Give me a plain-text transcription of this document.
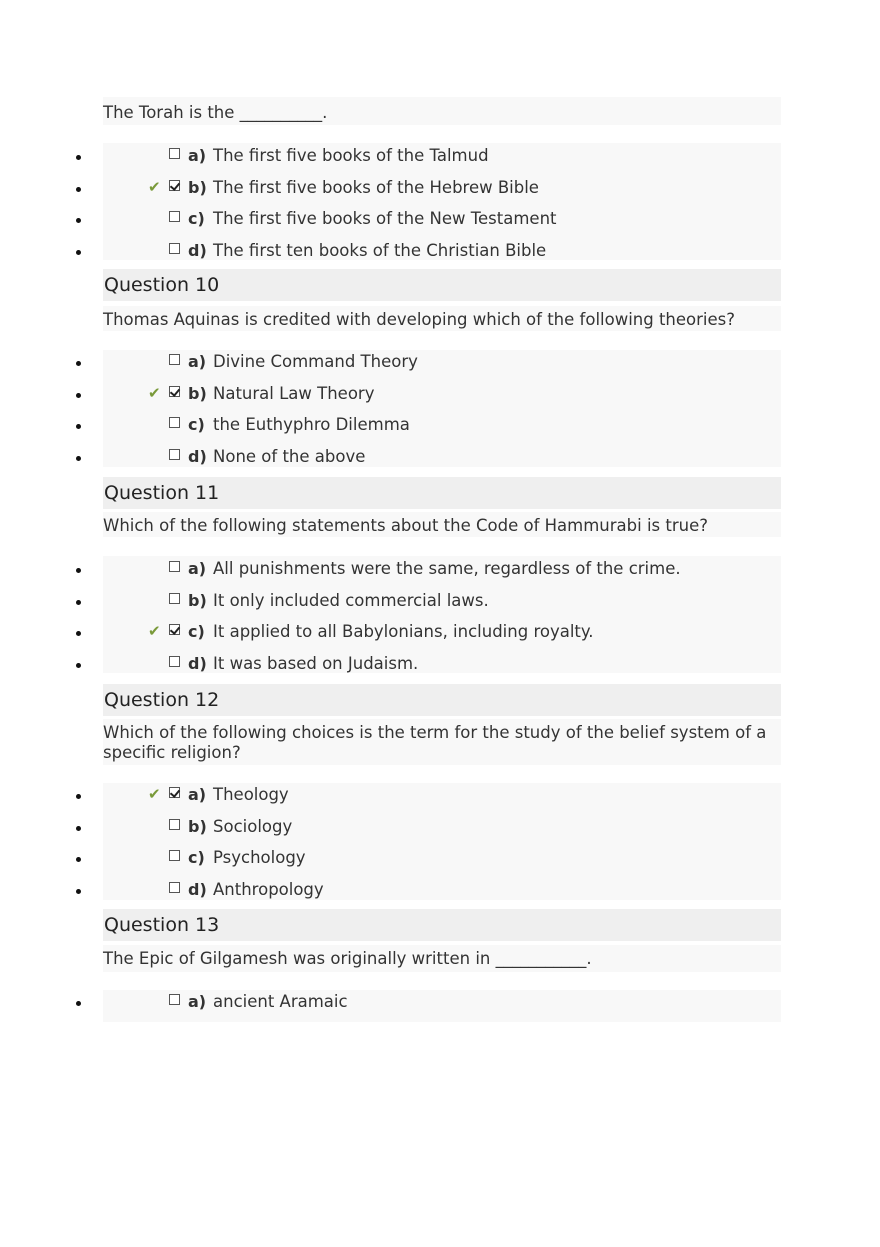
The Torah is the __________.
a) The first five books of the Talmud
✔ b) The first five books of the Hebrew Bible
c) The first five books of the New Testament
d) The first ten books of the Christian Bible
Question 10
Thomas Aquinas is credited with developing which of the following theories?
a) Divine Command Theory
✔ b) Natural Law Theory
c) the Euthyphro Dilemma
d) None of the above
Question 11
Which of the following statements about the Code of Hammurabi is true?
a) All punishments were the same, regardless of the crime.
b) It only included commercial laws.
✔ c) It applied to all Babylonians, including royalty.
d) It was based on Judaism.
Question 12
Which of the following choices is the term for the study of the belief system of a specific religion?
✔ a) Theology
b) Sociology
c) Psychology
d) Anthropology
Question 13
The Epic of Gilgamesh was originally written in ___________.
a) ancient Aramaic
